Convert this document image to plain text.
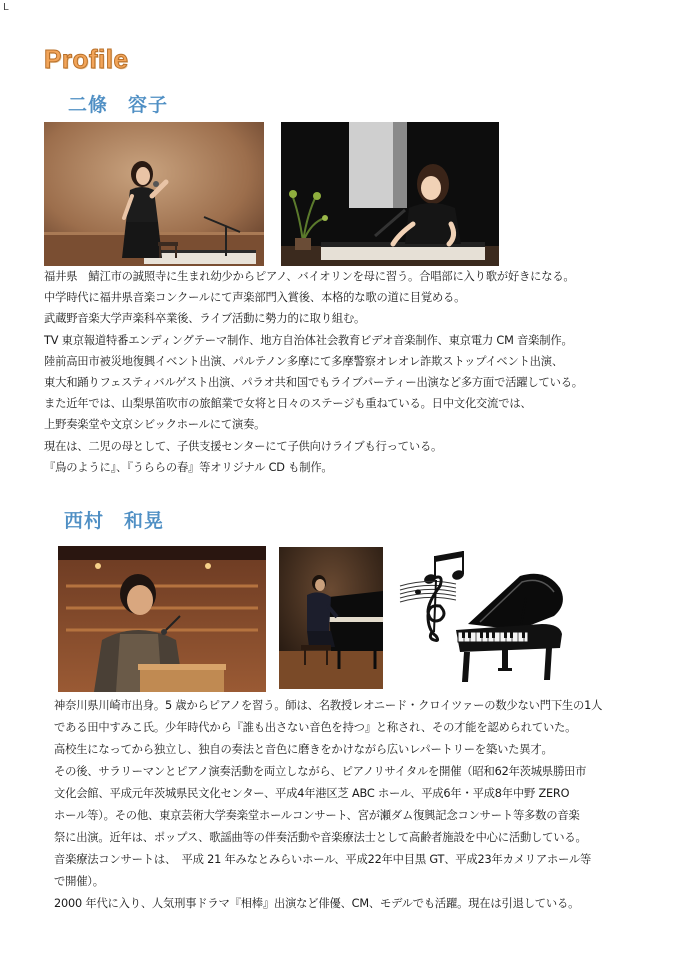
L
Profile
二條　容子
福井県　鯖江市の誠照寺に生まれ幼少からピアノ、バイオリンを母に習う。合唱部に入り歌が好きになる。
中学時代に福井県音楽コンクールにて声楽部門入賞後、本格的な歌の道に目覚める。
武蔵野音楽大学声楽科卒業後、ライブ活動に勢力的に取り組む。
TV 東京報道特番エンディングテーマ制作、地方自治体社会教育ビデオ音楽制作、東京電力 CM 音楽制作。
陸前高田市被災地復興イベント出演、パルテノン多摩にて多摩警察オレオレ詐欺ストップイベント出演、
東大和踊りフェスティバルゲスト出演、パラオ共和国でもライブパーティー出演など多方面で活躍している。
また近年では、山梨県笛吹市の旅館業で女将と日々のステージも重ねている。日中文化交流では、
上野奏楽堂や文京シビックホールにて演奏。
現在は、二児の母として、子供支援センターにて子供向けライブも行っている。
『鳥のように』、『うららの春』等オリジナル CD も制作。
西村　和晃
神奈川県川崎市出身。5 歳からピアノを習う。師は、名教授レオニード・クロイツァーの数少ない門下生の1人
である田中すみこ氏。少年時代から『誰も出さない音色を持つ』と称され、その才能を認められていた。
高校生になってから独立し、独自の奏法と音色に磨きをかけながら広いレパートリーを築いた異才。
その後、サラリーマンとピアノ演奏活動を両立しながら、ピアノリサイタルを開催（昭和62年茨城県勝田市
文化会館、平成元年茨城県民文化センター、平成4年港区芝 ABC ホール、平成6年・平成8年中野 ZERO
ホール等）。その他、東京芸術大学奏楽堂ホールコンサート、宮が瀬ダム復興記念コンサート等多数の音楽
祭に出演。近年は、ポップス、歌謡曲等の伴奏活動や音楽療法士として高齢者施設を中心に活動している。
音楽療法コンサートは、　平成 21 年みなとみらいホール、平成22年中目黒 GT、平成23年カメリアホール等
で開催）。
2000 年代に入り、人気刑事ドラマ『相棒』出演など俳優、CM、モデルでも活躍。現在は引退している。
